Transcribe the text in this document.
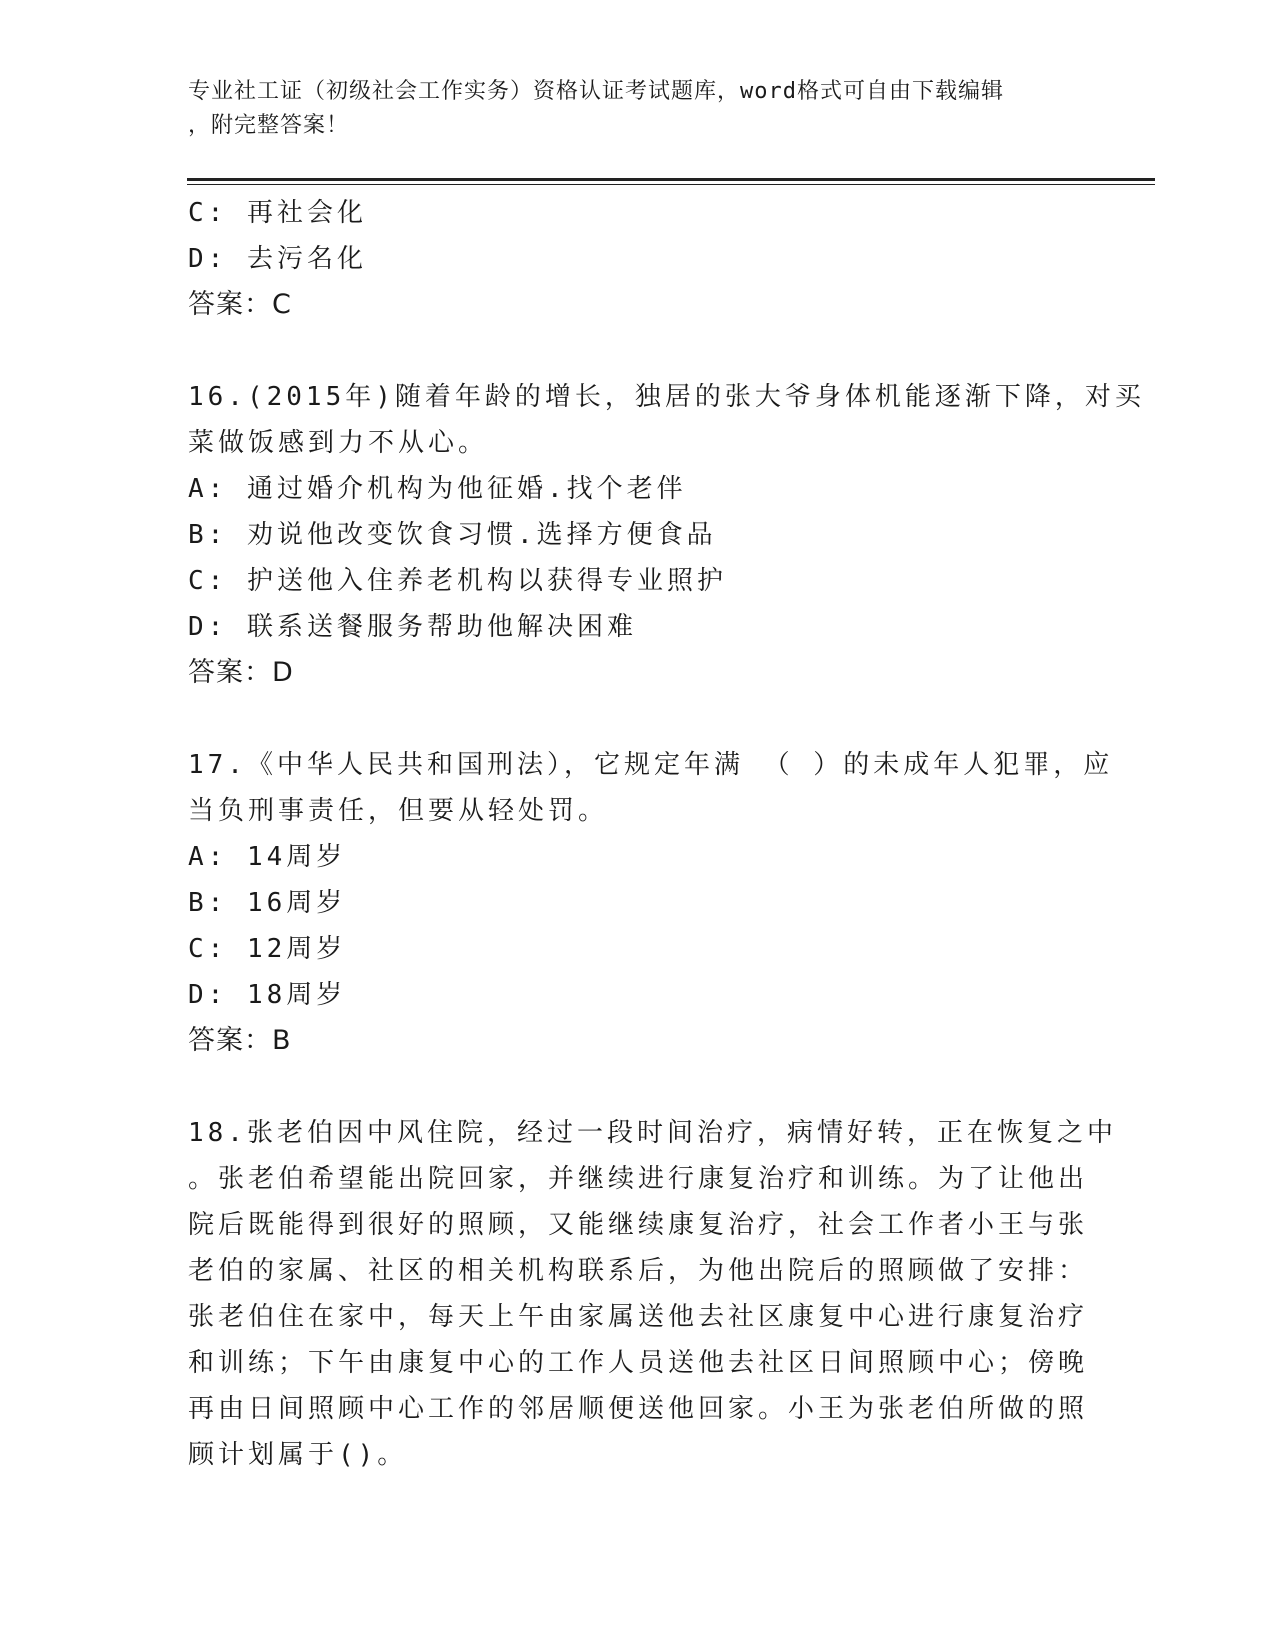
专业社工证（初级社会工作实务）资格认证考试题库，word格式可自由下载编辑
，附完整答案！
C: 再社会化
D: 去污名化
答案：C
16.(2015年)随着年龄的增长，独居的张大爷身体机能逐渐下降，对买
菜做饭感到力不从心。
A: 通过婚介机构为他征婚.找个老伴
B: 劝说他改变饮食习惯.选择方便食品
C: 护送他入住养老机构以获得专业照护
D: 联系送餐服务帮助他解决困难
答案：D
17.《中华人民共和国刑法），它规定年满 （ ）的未成年人犯罪，应
当负刑事责任，但要从轻处罚。
A: 14周岁
B: 16周岁
C: 12周岁
D: 18周岁
答案：B
18.张老伯因中风住院，经过一段时间治疗，病情好转，正在恢复之中
。张老伯希望能出院回家，并继续进行康复治疗和训练。为了让他出
院后既能得到很好的照顾，又能继续康复治疗，社会工作者小王与张
老伯的家属、社区的相关机构联系后，为他出院后的照顾做了安排：
张老伯住在家中，每天上午由家属送他去社区康复中心进行康复治疗
和训练；下午由康复中心的工作人员送他去社区日间照顾中心；傍晚
再由日间照顾中心工作的邻居顺便送他回家。小王为张老伯所做的照
顾计划属于()。
